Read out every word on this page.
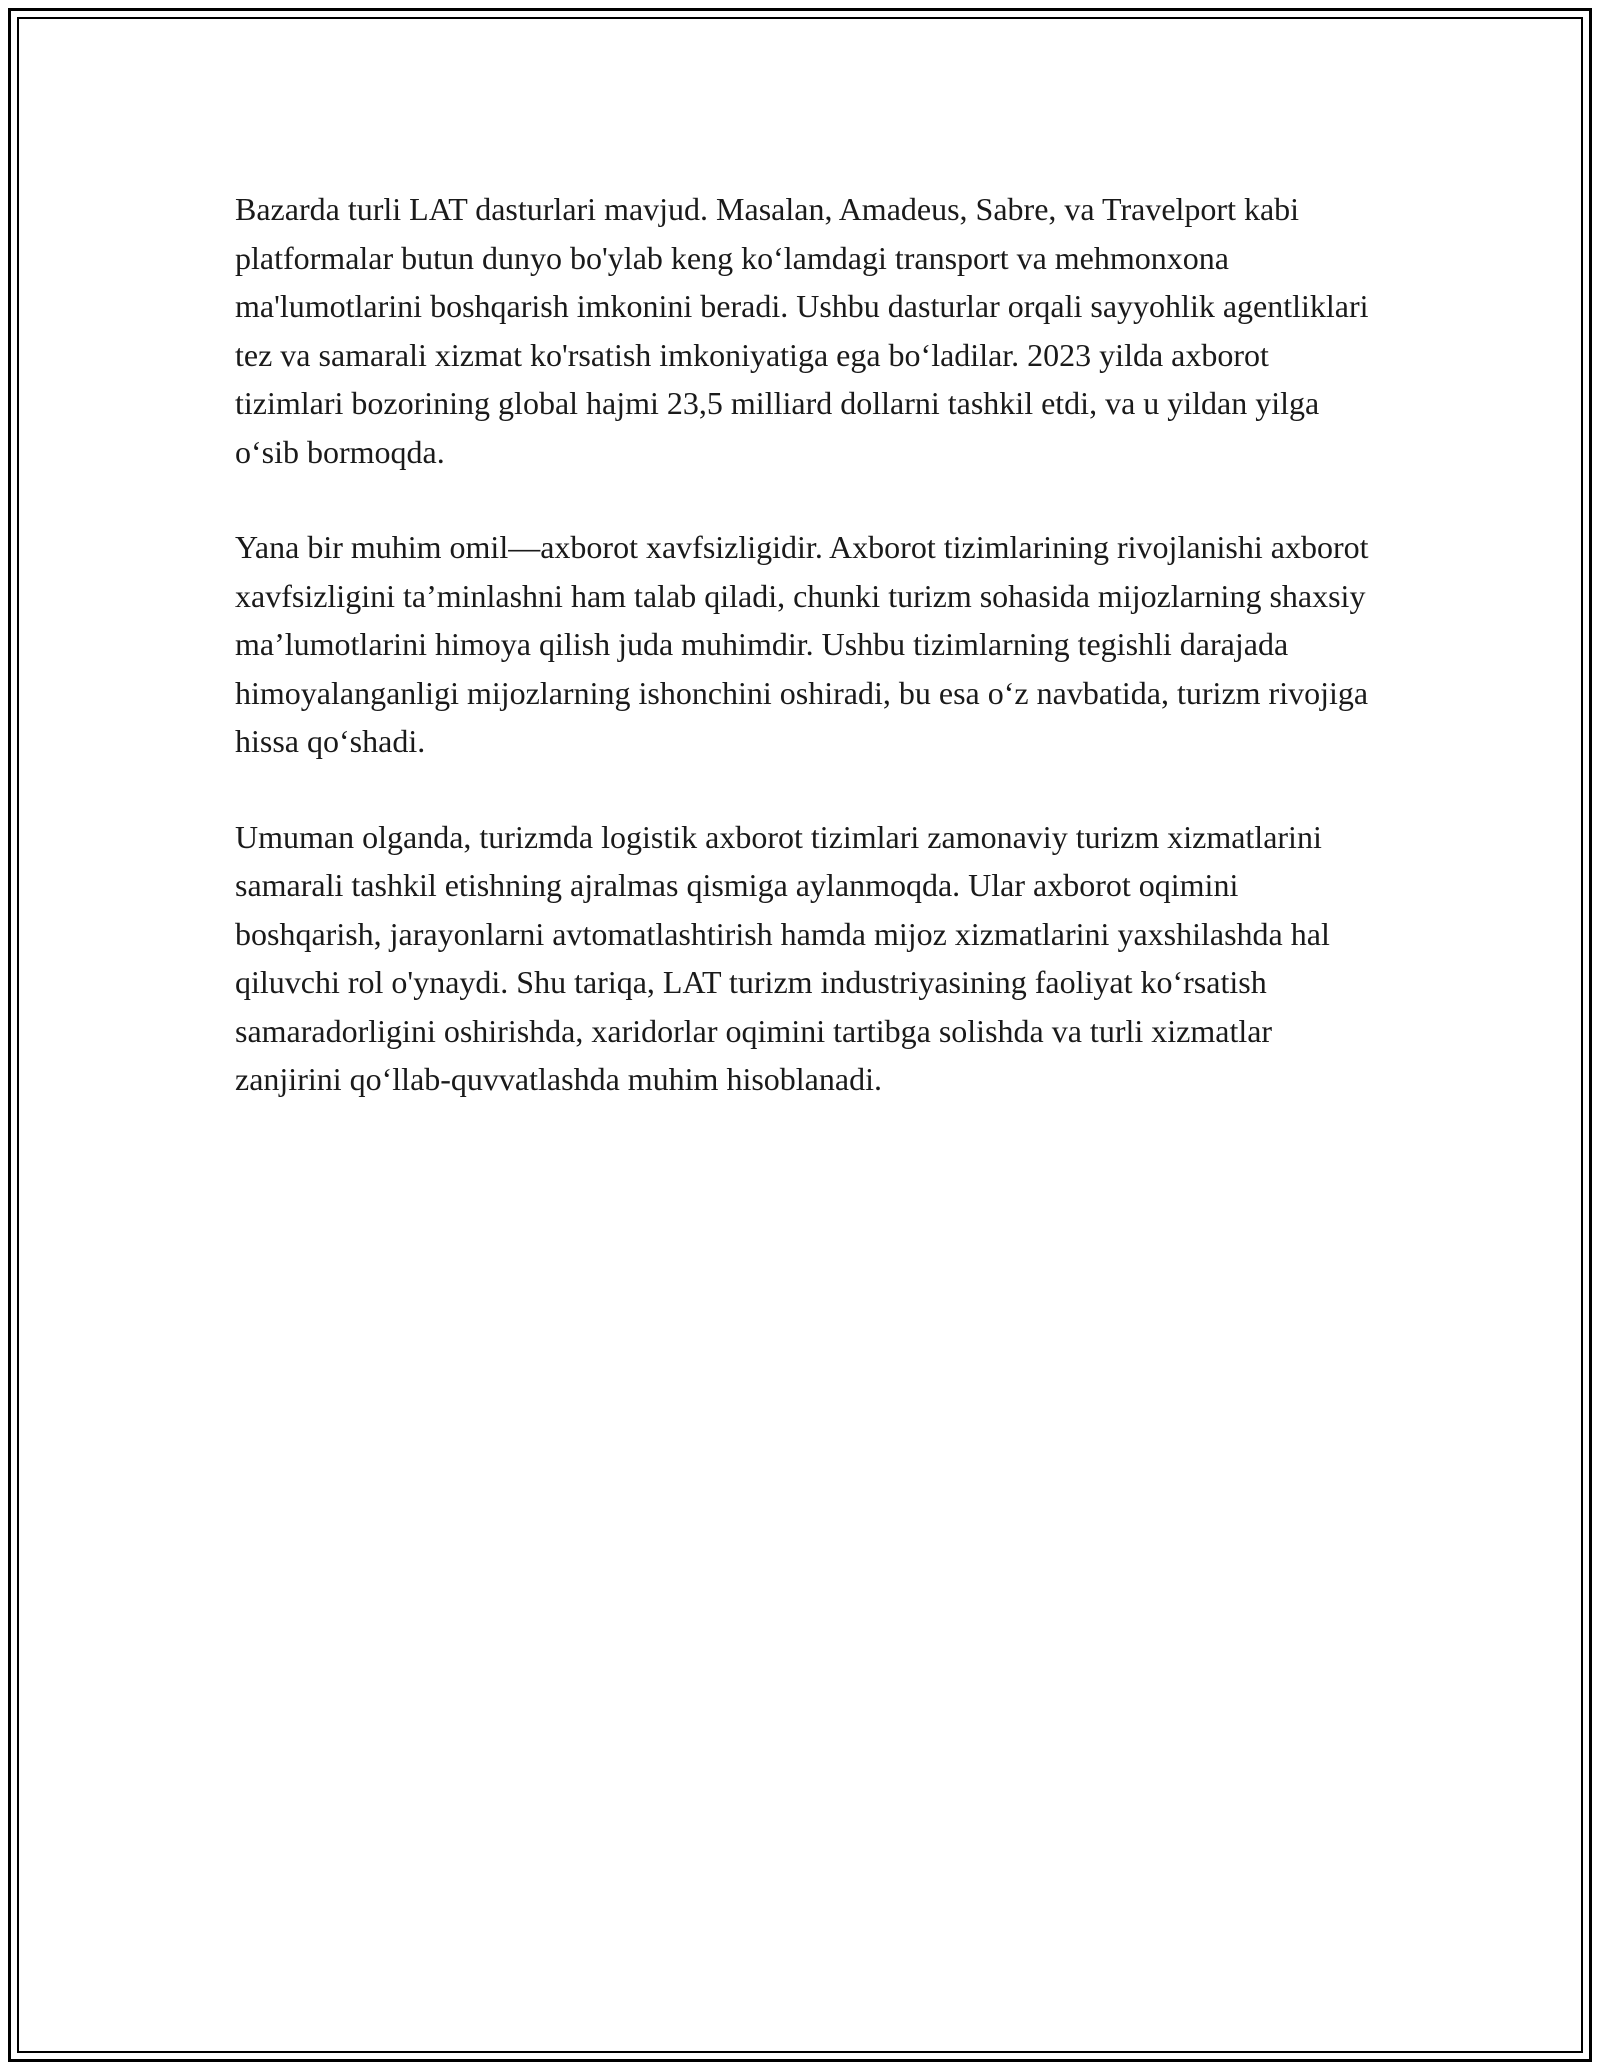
Bazarda turli LAT dasturlari mavjud. Masalan, Amadeus, Sabre, va Travelport kabi platformalar butun dunyo bo'ylab keng koʻlamdagi transport va mehmonxona ma'lumotlarini boshqarish imkonini beradi. Ushbu dasturlar orqali sayyohlik agentliklari tez va samarali xizmat ko'rsatish imkoniyatiga ega boʻladilar. 2023 yilda axborot tizimlari bozorining global hajmi 23,5 milliard dollarni tashkil etdi, va u yildan yilga oʻsib bormoqda.

Yana bir muhim omil—axborot xavfsizligidir. Axborot tizimlarining rivojlanishi axborot xavfsizligini ta’minlashni ham talab qiladi, chunki turizm sohasida mijozlarning shaxsiy ma’lumotlarini himoya qilish juda muhimdir. Ushbu tizimlarning tegishli darajada himoyalanganligi mijozlarning ishonchini oshiradi, bu esa oʻz navbatida, turizm rivojiga hissa qoʻshadi.

Umuman olganda, turizmda logistik axborot tizimlari zamonaviy turizm xizmatlarini samarali tashkil etishning ajralmas qismiga aylanmoqda. Ular axborot oqimini boshqarish, jarayonlarni avtomatlashtirish hamda mijoz xizmatlarini yaxshilashda hal qiluvchi rol o'ynaydi. Shu tariqa, LAT turizm industriyasining faoliyat koʻrsatish samaradorligini oshirishda, xaridorlar oqimini tartibga solishda va turli xizmatlar zanjirini qoʻllab-quvvatlashda muhim hisoblanadi.
